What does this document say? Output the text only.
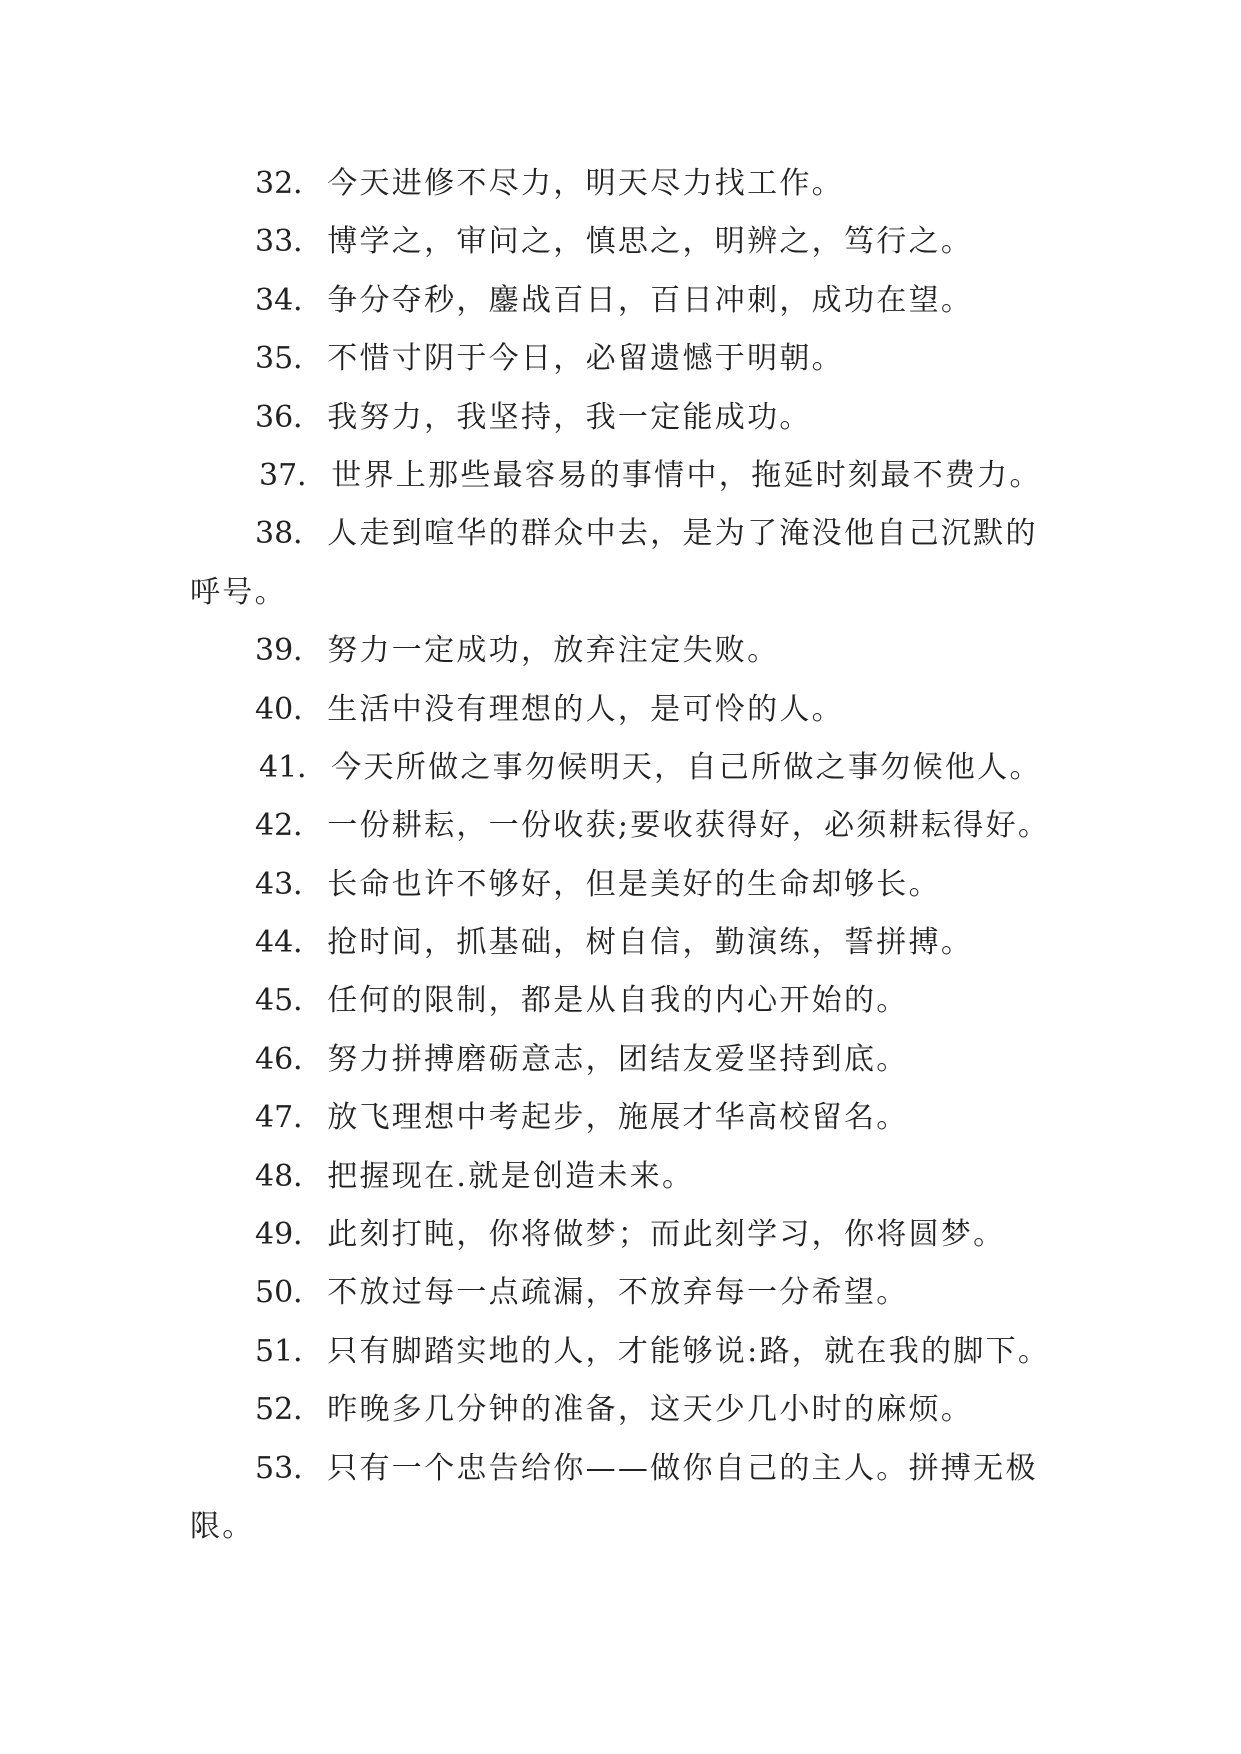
32． 今天进修不尽力，明天尽力找工作。
33． 博学之，审问之，慎思之，明辨之，笃行之。
34． 争分夺秒，鏖战百日，百日冲刺，成功在望。
35． 不惜寸阴于今日，必留遗憾于明朝。
36． 我努力，我坚持，我一定能成功。
37． 世界上那些最容易的事情中，拖延时刻最不费力。
38． 人走到喧华的群众中去，是为了淹没他自己沉默的
呼号。
39． 努力一定成功，放弃注定失败。
40． 生活中没有理想的人，是可怜的人。
41． 今天所做之事勿候明天，自己所做之事勿候他人。
42． 一份耕耘，一份收获;要收获得好，必须耕耘得好。
43． 长命也许不够好，但是美好的生命却够长。
44． 抢时间，抓基础，树自信，勤演练，誓拼搏。
45． 任何的限制，都是从自我的内心开始的。
46． 努力拼搏磨砺意志，团结友爱坚持到底。
47． 放飞理想中考起步，施展才华高校留名。
48． 把握现在.就是创造未来。
49． 此刻打盹，你将做梦；而此刻学习，你将圆梦。
50． 不放过每一点疏漏，不放弃每一分希望。
51． 只有脚踏实地的人，才能够说:路，就在我的脚下。
52． 昨晚多几分钟的准备，这天少几小时的麻烦。
53． 只有一个忠告给你——做你自己的主人。拼搏无极
限。
